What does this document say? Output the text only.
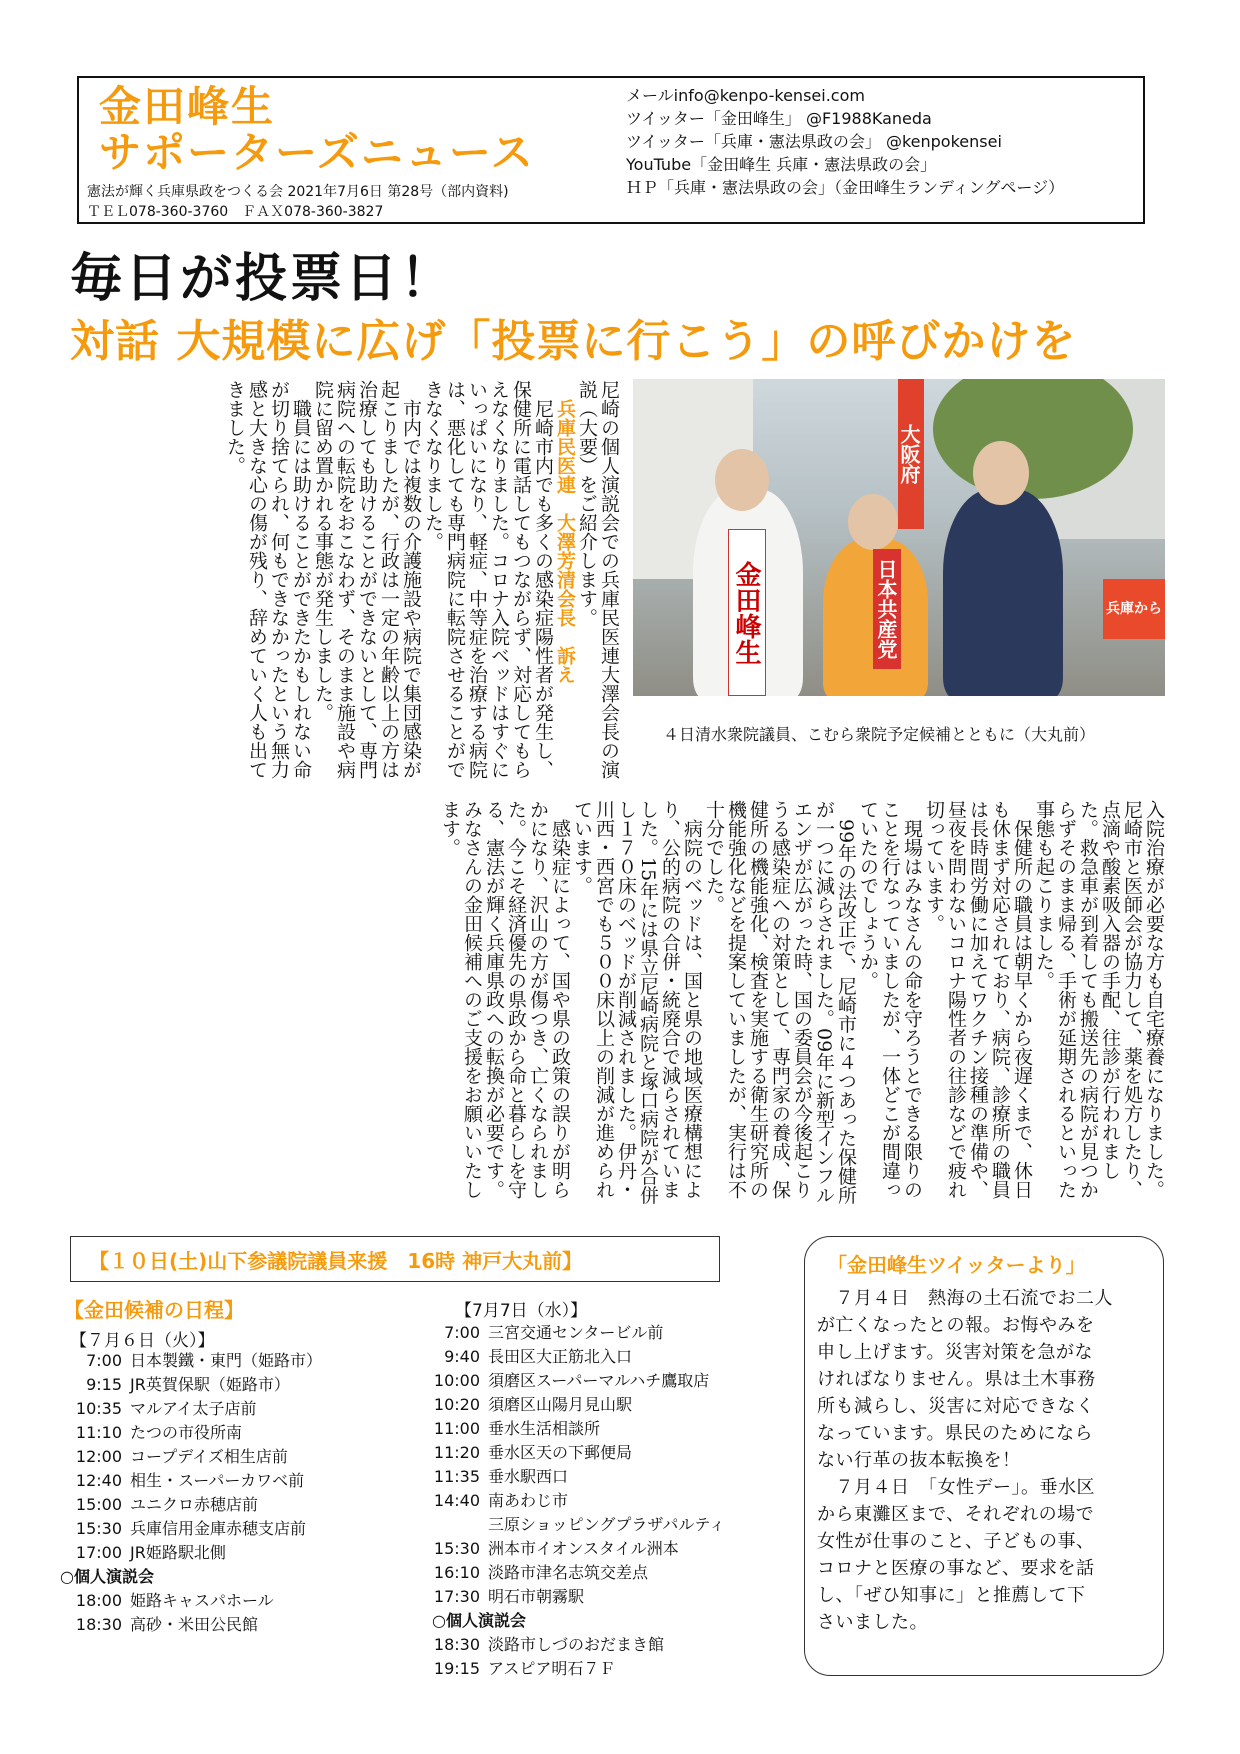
金田峰生
サポーターズニュース
憲法が輝く兵庫県政をつくる会 2021年7月6日 第28号（部内資料)
ＴＥＬ078-360-3760　ＦＡＸ078-360-3827
メールinfo@kenpo-kensei.com
ツイッター「金田峰生」 @F1988Kaneda
ツイッター「兵庫・憲法県政の会」 @kenpokensei
YouTube「金田峰生 兵庫・憲法県政の会」
ＨＰ「兵庫・憲法県政の会」（金田峰生ランディングページ）
毎日が投票日！
対話 大規模に広げ「投票に行こう」の呼びかけを

尼崎の個人演説会での兵庫民医連大澤会長の演説（大要）をご紹介します。

兵庫民医連　大澤芳清会長　訴え

尼崎市内でも多くの感染症陽性者が発生し、保健所に電話してもつながらず、対応してもらえなくなりました。コロナ入院ベッドはすぐにいっぱいになり、軽症、中等症を治療する病院は、悪化しても専門病院に転院させることができなくなりました。

市内では複数の介護施設や病院で集団感染が起こりましたが、行政は一定の年齢以上の方は治療しても助けることができないとして、専門病院への転院をおこなわず、そのまま施設や病院に留め置かれる事態が発生しました。

職員には助けることができたかもしれない命が切り捨てられ、何もできなかったという無力感と大きな心の傷が残り、辞めていく人も出てきました。

金田峰生	日本共産党
大阪府
兵庫から
４日清水衆院議員、こむら衆院予定候補とともに（大丸前）

入院治療が必要な方も自宅療養になりました。尼崎市と医師会が協力して、薬を処方したり、点滴や酸素吸入器の手配、往診が行われました。救急車が到着しても搬送先の病院が見つからずそのまま帰る、手術が延期されるといった事態も起こりました。

保健所の職員は朝早くから夜遅くまで、休日も休まず対応されており、病院、診療所の職員は長時間労働に加えてワクチン接種の準備や、昼夜を問わないコロナ陽性者の往診などで疲れ切っています。

現場はみなさんの命を守ろうとできる限りのことを行なっていましたが、一体どこが間違っていたのでしょうか。

99年の法改正で、尼崎市に４つあった保健所が一つに減らされました。09年に新型インフルエンザが広がった時、国の委員会が今後起こりうる感染症への対策として、専門家の養成、保健所の機能強化、検査を実施する衛生研究所の機能強化などを提案していましたが、実行は不十分でした。

病院のベッドは、国と県の地域医療構想により、公的病院の合併・統廃合で減らされていました。15年には県立尼崎病院と塚口病院が合併し１７０床のベッドが削減されました。伊丹・川西・西宮でも５００床以上の削減が進められています。

感染症によって、国や県の政策の誤りが明らかになり、沢山の方が傷つき、亡くなられました。今こそ経済優先の県政から命と暮らしを守る、憲法が輝く兵庫県政への転換が必要です。みなさんの金田候補へのご支援をお願いいたします。

【１０日(土)山下参議院議員来援　16時 神戸大丸前】
【金田候補の日程】
【７月６日（火）】
7:00 日本製鐵・東門（姫路市）
9:15 JR英賀保駅（姫路市）
10:35 マルアイ太子店前
11:10 たつの市役所南
12:00 コープデイズ相生店前
12:40 相生・スーパーカワベ前
15:00 ユニクロ赤穂店前
15:30 兵庫信用金庫赤穂支店前
17:00 JR姫路駅北側
○個人演説会
18:00 姫路キャスパホール
18:30 高砂・米田公民館
【7月7日（水）】
7:00 三宮交通センタービル前
9:40 長田区大正筋北入口
10:00 須磨区スーパーマルハチ鷹取店
10:20 須磨区山陽月見山駅
11:00 垂水生活相談所
11:20 垂水区天の下郵便局
11:35 垂水駅西口
14:40 南あわじ市
三原ショッピングプラザパルティ
15:30 洲本市イオンスタイル洲本
16:10 淡路市津名志筑交差点
17:30 明石市朝霧駅
○個人演説会
18:30 淡路市しづのおだまき館
19:15 アスピア明石７Ｆ
「金田峰生ツイッターより」
　７月４日　熱海の土石流でお二人
が亡くなったとの報。お悔やみを
申し上げます。災害対策を急がな
ければなりません。県は土木事務
所も減らし、災害に対応できなく
なっています。県民のためになら
ない行革の抜本転換を！
　７月４日　「女性デー」。垂水区
から東灘区まで、それぞれの場で
女性が仕事のこと、子どもの事、
コロナと医療の事など、要求を話
し、「ぜひ知事に」と推薦して下
さいました。
